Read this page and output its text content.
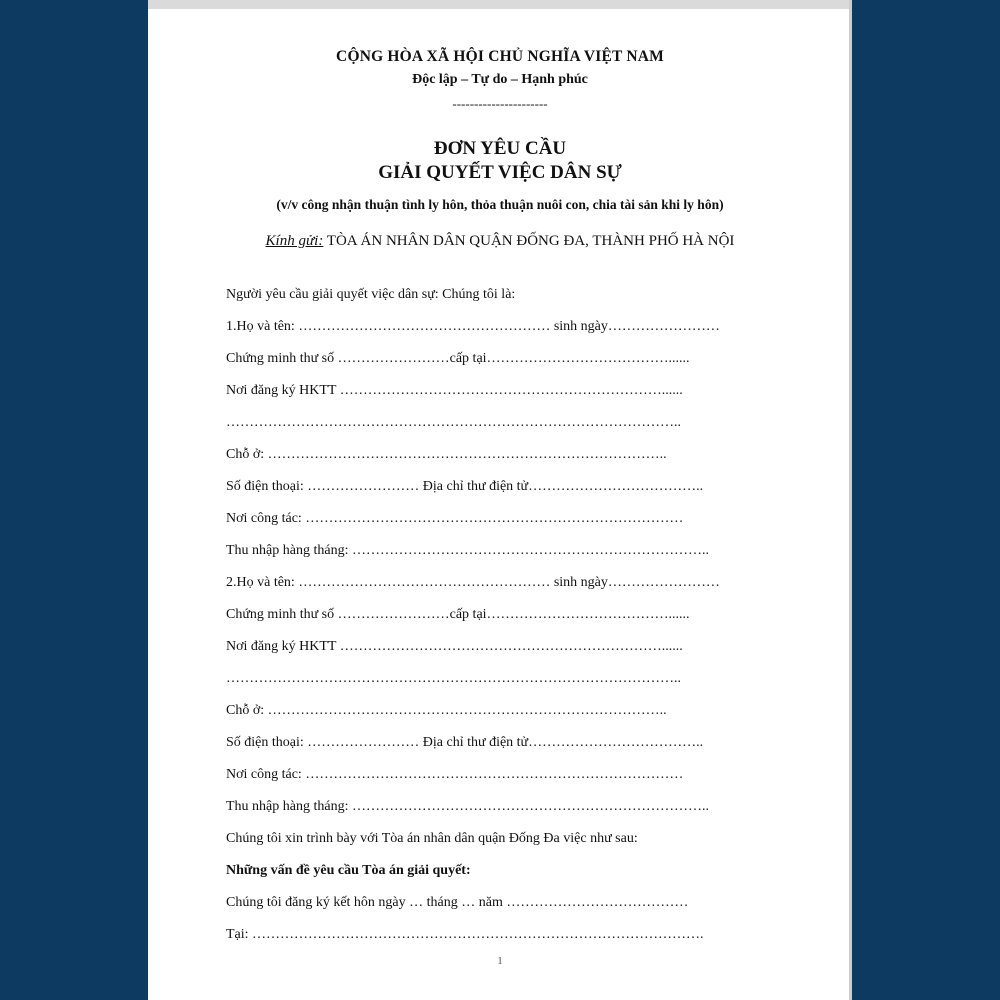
CỘNG HÒA XÃ HỘI CHỦ NGHĨA VIỆT NAM
Độc lập – Tự do – Hạnh phúc
----------------------
ĐƠN YÊU CẦU
GIẢI QUYẾT VIỆC DÂN SỰ
(v/v công nhận thuận tình ly hôn, thỏa thuận nuôi con, chia tài sản khi ly hôn)
Kính gửi: TÒA ÁN NHÂN DÂN QUẬN ĐỐNG ĐA, THÀNH PHỐ HÀ NỘI
Người yêu cầu giải quyết việc dân sự: Chúng tôi là:
1.Họ và tên: ……………………………………………… sinh ngày……………………
Chứng minh thư số ……………………cấp tại…………………………………......
Nơi đăng ký HKTT ……………………………………………………………......
……………………………………………………………………………………..
Chỗ ở: …………………………………………………………………………..
Số điện thoại: …………………… Địa chỉ thư điện tử………………………………..
Nơi công tác: ………………………………………………………………………
Thu nhập hàng tháng: …………………………………………………………………..
2.Họ và tên: ……………………………………………… sinh ngày……………………
Chứng minh thư số ……………………cấp tại…………………………………......
Nơi đăng ký HKTT ……………………………………………………………......
……………………………………………………………………………………..
Chỗ ở: …………………………………………………………………………..
Số điện thoại: …………………… Địa chỉ thư điện tử………………………………..
Nơi công tác: ………………………………………………………………………
Thu nhập hàng tháng: …………………………………………………………………..
Chúng tôi xin trình bày với Tòa án nhân dân quận Đống Đa việc như sau:
Những vấn đề yêu cầu Tòa án giải quyết:
Chúng tôi đăng ký kết hôn ngày … tháng … năm …………………………………
Tại: …………………………………………………………………………………….
1
